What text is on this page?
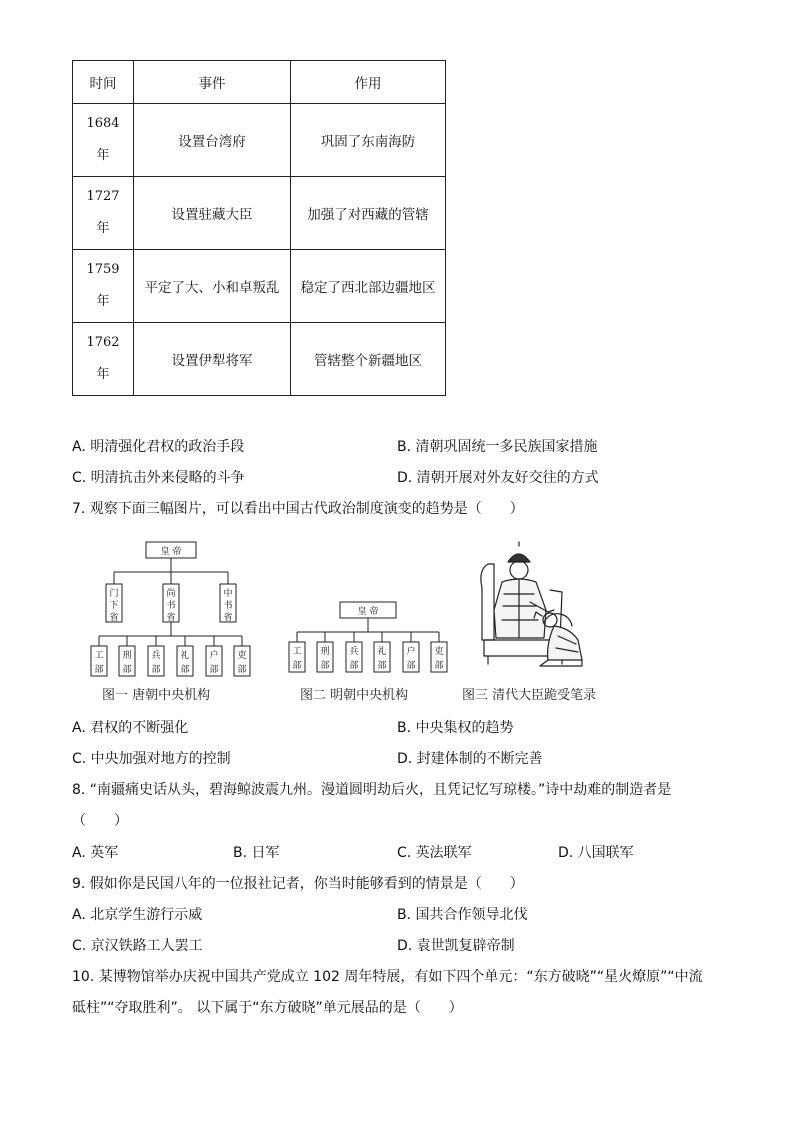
时间	事件	作用

1684
年	设置台湾府	巩固了东南海防

1727
年	设置驻藏大臣	加强了对西藏的管辖

1759
年	平定了大、小和卓叛乱	稳定了西北部边疆地区

1762
年	设置伊犁将军	管辖整个新疆地区
A. 明清强化君权的政治手段	B. 清朝巩固统一多民族国家措施
C. 明清抗击外来侵略的斗争	D. 清朝开展对外友好交往的方式
7. 观察下面三幅图片，可以看出中国古代政治制度演变的趋势是（　　）
皇 帝
门
下
省
尚
书
省
中
书
省
工
部
刑
部
兵
部
礼
部
户
部
吏
部
图一 唐朝中央机构
皇 帝
工
部
刑
部
兵
部
礼
部
户
部
吏
部
图二 明朝中央机构	图三 清代大臣跪受笔录
A. 君权的不断强化	B. 中央集权的趋势
C. 中央加强对地方的控制	D. 封建体制的不断完善
8. “南疆痛史话从头，碧海鲸波震九州。漫道圆明劫后火，且凭记忆写琼楼。”诗中劫难的制造者是
（　　）
A. 英军	B. 日军	C. 英法联军	D. 八国联军
9. 假如你是民国八年的一位报社记者，你当时能够看到的情景是（　　）
A. 北京学生游行示威	B. 国共合作领导北伐
C. 京汉铁路工人罢工	D. 袁世凯复辟帝制
10. 某博物馆举办庆祝中国共产党成立 102 周年特展，有如下四个单元：“东方破晓”“星火燎原”“中流
砥柱”“夺取胜利”。 以下属于“东方破晓”单元展品的是（　　）
